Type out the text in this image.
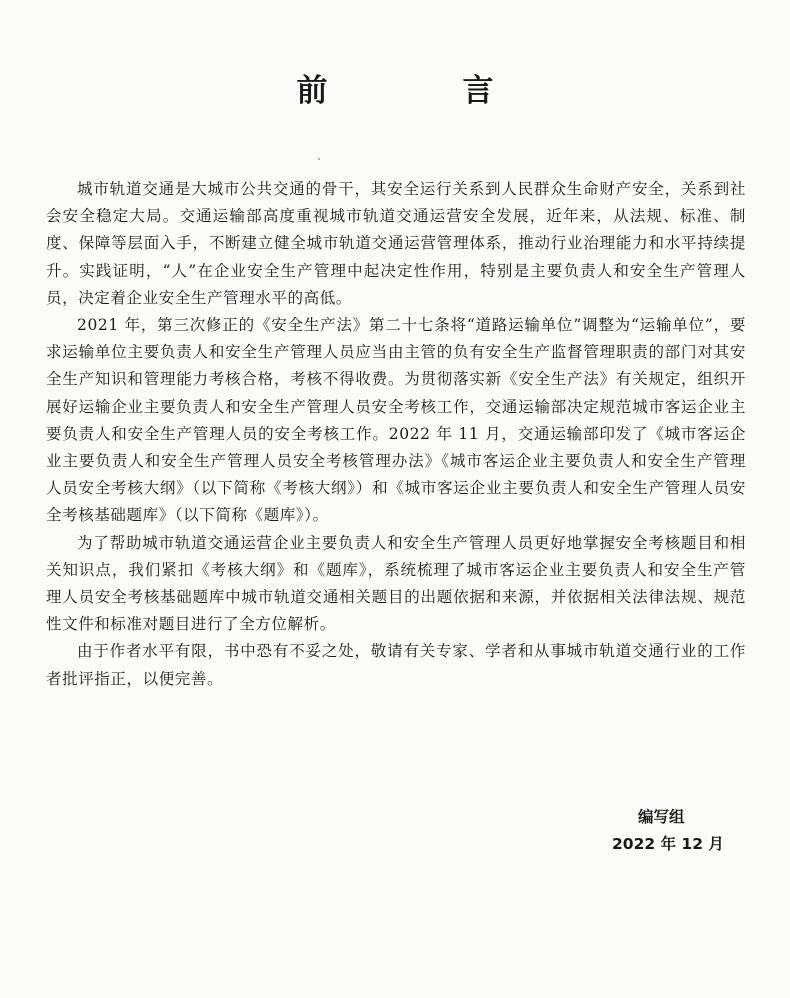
前　言

城市轨道交通是大城市公共交通的骨干，其安全运行关系到人民群众生命财产安全，关系到社会安全稳定大局。交通运输部高度重视城市轨道交通运营安全发展，近年来，从法规、标准、制度、保障等层面入手，不断建立健全城市轨道交通运营管理体系，推动行业治理能力和水平持续提升。实践证明，“人”在企业安全生产管理中起决定性作用，特别是主要负责人和安全生产管理人员，决定着企业安全生产管理水平的高低。

2021 年，第三次修正的《安全生产法》第二十七条将“道路运输单位”调整为“运输单位”，要求运输单位主要负责人和安全生产管理人员应当由主管的负有安全生产监督管理职责的部门对其安全生产知识和管理能力考核合格，考核不得收费。为贯彻落实新《安全生产法》有关规定，组织开展好运输企业主要负责人和安全生产管理人员安全考核工作，交通运输部决定规范城市客运企业主要负责人和安全生产管理人员的安全考核工作。2022 年 11 月，交通运输部印发了《城市客运企业主要负责人和安全生产管理人员安全考核管理办法》《城市客运企业主要负责人和安全生产管理人员安全考核大纲》（以下简称《考核大纲》）和《城市客运企业主要负责人和安全生产管理人员安全考核基础题库》（以下简称《题库》）。

为了帮助城市轨道交通运营企业主要负责人和安全生产管理人员更好地掌握安全考核题目和相关知识点，我们紧扣《考核大纲》和《题库》，系统梳理了城市客运企业主要负责人和安全生产管理人员安全考核基础题库中城市轨道交通相关题目的出题依据和来源，并依据相关法律法规、规范性文件和标准对题目进行了全方位解析。

由于作者水平有限，书中恐有不妥之处，敬请有关专家、学者和从事城市轨道交通行业的工作者批评指正，以便完善。

编写组
2022 年 12 月
